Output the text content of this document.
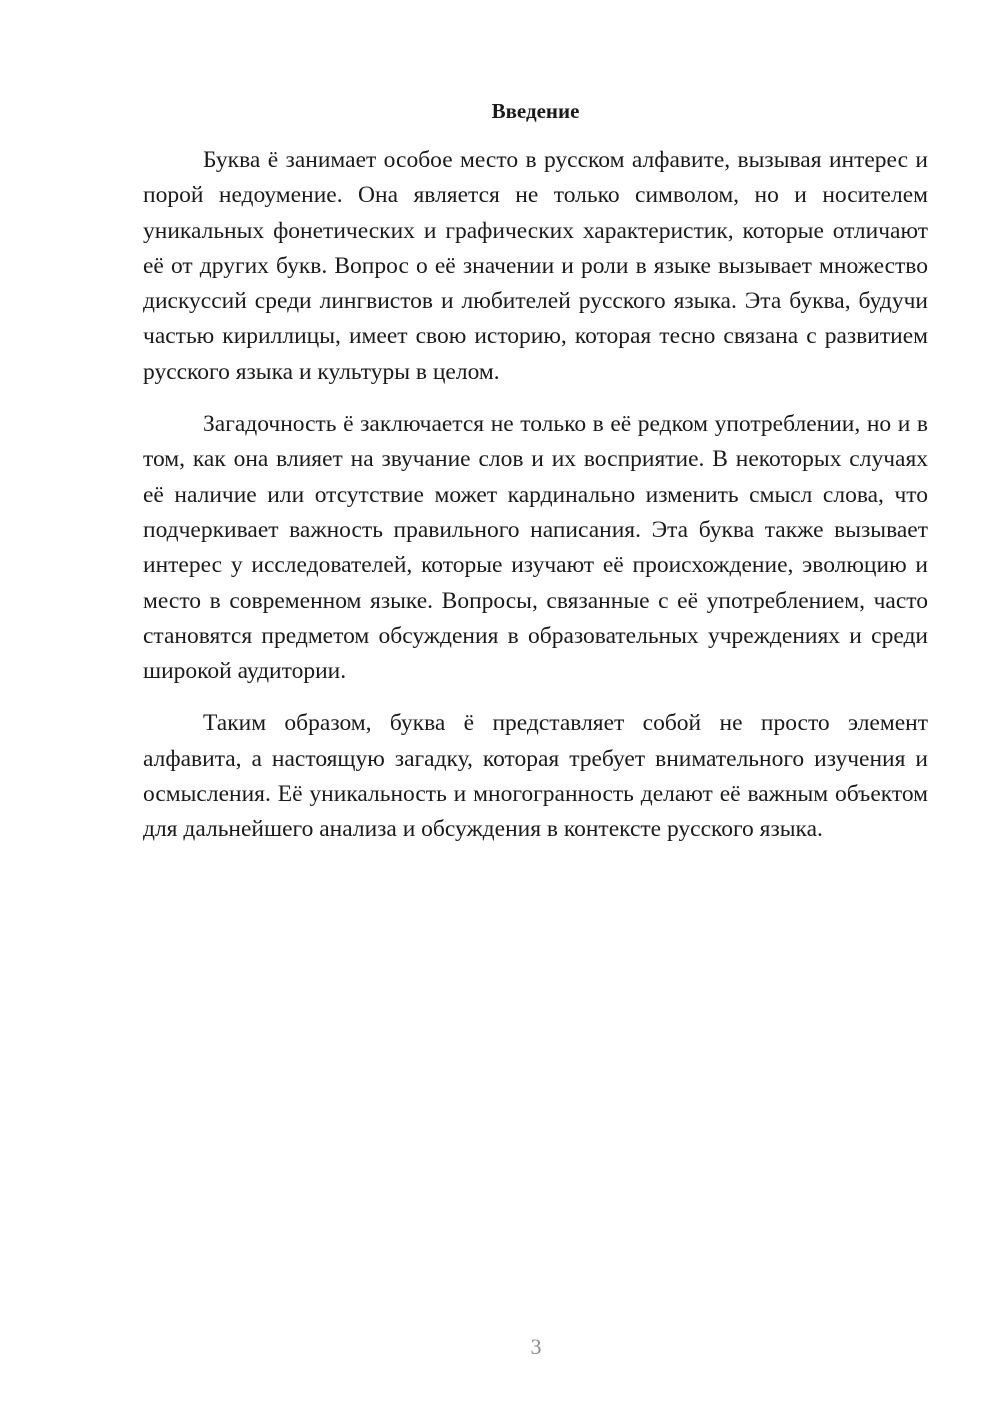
Введение

Буква ё занимает особое место в русском алфавите, вызывая интерес и порой недоумение. Она является не только символом, но и носителем уникальных фонетических и графических характеристик, которые отличают её от других букв. Вопрос о её значении и роли в языке вызывает множество дискуссий среди лингвистов и любителей русского языка. Эта буква, будучи частью кириллицы, имеет свою историю, которая тесно связана с развитием русского языка и культуры в целом.

Загадочность ё заключается не только в её редком употреблении, но и в том, как она влияет на звучание слов и их восприятие. В некоторых случаях её наличие или отсутствие может кардинально изменить смысл слова, что подчеркивает важность правильного написания. Эта буква также вызывает интерес у исследователей, которые изучают её происхождение, эволюцию и место в современном языке. Вопросы, связанные с её употреблением, часто становятся предметом обсуждения в образовательных учреждениях и среди широкой аудитории.

Таким образом, буква ё представляет собой не просто элемент алфавита, а настоящую загадку, которая требует внимательного изучения и осмысления. Её уникальность и многогранность делают её важным объектом для дальнейшего анализа и обсуждения в контексте русского языка.

3
